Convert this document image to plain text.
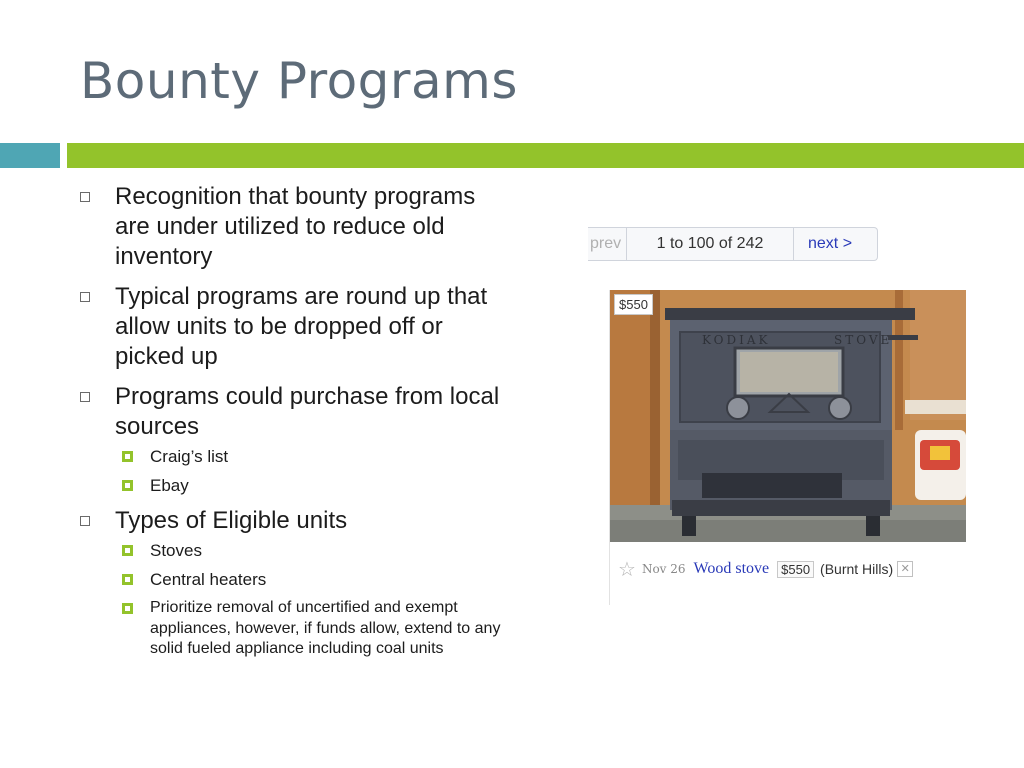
Bounty Programs
Recognition that bounty programs are under utilized to reduce old inventory
Typical programs are round up that allow units to be dropped off or picked up
Programs could purchase from local sources
Craig’s list
Ebay
Types of Eligible units
Stoves
Central heaters
Prioritize removal of uncertified and exempt appliances, however, if funds allow, extend to any solid fueled appliance including coal units
prev	1 to 100 of 242	next >
KODIAK	STOVE
$550
☆ Nov 26 Wood stove $550 (Burnt Hills) ✕
